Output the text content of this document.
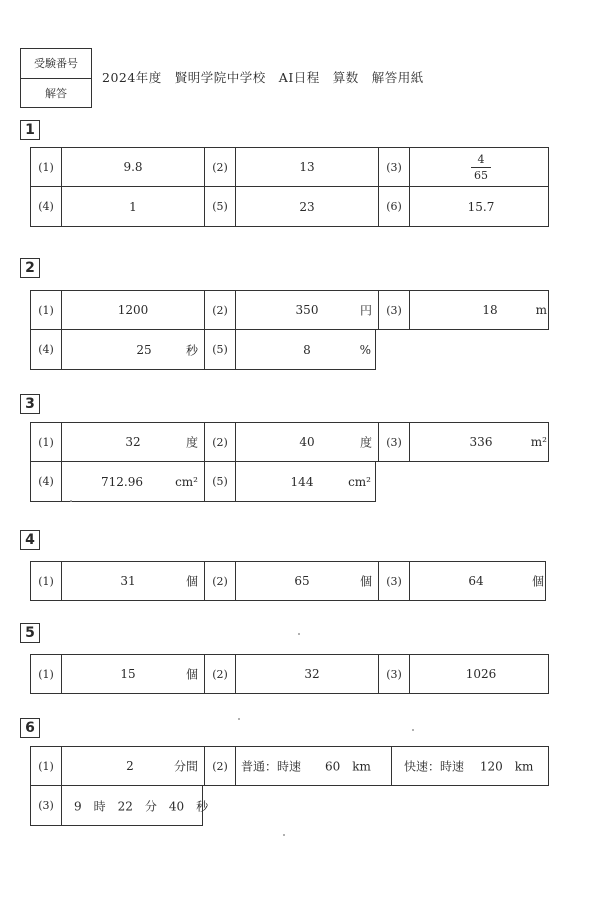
受験番号
解答
2024年度　賢明学院中学校　AⅠ日程　算数　解答用紙
1
(1)	9.8	(2)	13	(3)	$\frac{4}{65}$
(4)	1	(5)	23	(6)	15.7
2
(1)	1200	(2)	350	円	(3)	18	m
(4)	25	秒	(5)	8	%
3
(1)	32	度	(2)	40	度	(3)	336	m²
(4)	712.96	cm²	(5)	144	cm²
4
(1)	31	個	(2)	65	個	(3)	64	個
5
(1)	15	個	(2)	32	(3)	1026
6
(1)	2	分間	(2)	普通：時速　　60　km	快速：時速　 120　km
(3)	9　時　22　分　40　秒
